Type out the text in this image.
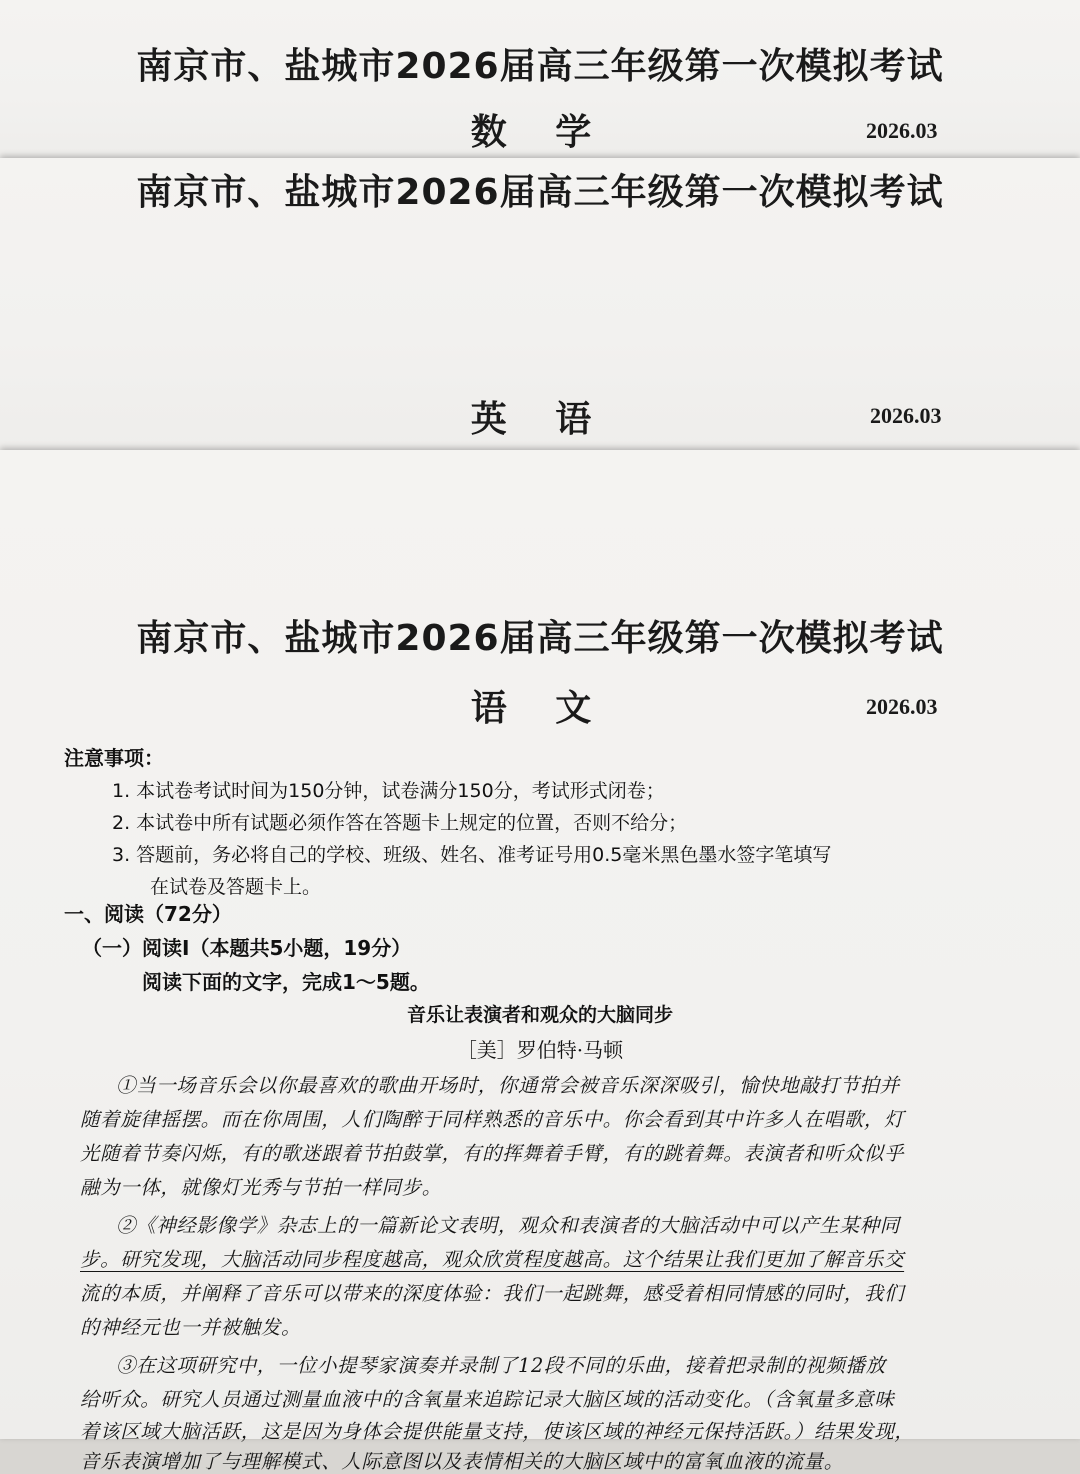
南京市、盐城市2026届高三年级第一次模拟考试
数 学	2026.03
南京市、盐城市2026届高三年级第一次模拟考试
英 语	2026.03
南京市、盐城市2026届高三年级第一次模拟考试
语 文	2026.03
注意事项：
1. 本试卷考试时间为150分钟，试卷满分150分，考试形式闭卷；
2. 本试卷中所有试题必须作答在答题卡上规定的位置，否则不给分；
3. 答题前，务必将自己的学校、班级、姓名、准考证号用0.5毫米黑色墨水签字笔填写
在试卷及答题卡上。
一、阅读（72分）
（一）阅读Ⅰ（本题共5小题，19分）
阅读下面的文字，完成1～5题。
音乐让表演者和观众的大脑同步
［美］罗伯特·马顿
①当一场音乐会以你最喜欢的歌曲开场时，你通常会被音乐深深吸引，愉快地敲打节拍并
随着旋律摇摆。而在你周围，人们陶醉于同样熟悉的音乐中。你会看到其中许多人在唱歌，灯
光随着节奏闪烁，有的歌迷跟着节拍鼓掌，有的挥舞着手臂，有的跳着舞。表演者和听众似乎
融为一体，就像灯光秀与节拍一样同步。
②《神经影像学》杂志上的一篇新论文表明，观众和表演者的大脑活动中可以产生某种同
步。研究发现，大脑活动同步程度越高，观众欣赏程度越高。这个结果让我们更加了解音乐交
流的本质，并阐释了音乐可以带来的深度体验：我们一起跳舞，感受着相同情感的同时，我们
的神经元也一并被触发。
③在这项研究中，一位小提琴家演奏并录制了12段不同的乐曲，接着把录制的视频播放
给听众。研究人员通过测量血液中的含氧量来追踪记录大脑区域的活动变化。（含氧量多意味
着该区域大脑活跃，这是因为身体会提供能量支持，使该区域的神经元保持活跃。）结果发现，
音乐表演增加了与理解模式、人际意图以及表情相关的大脑区域中的富氧血液的流量。
